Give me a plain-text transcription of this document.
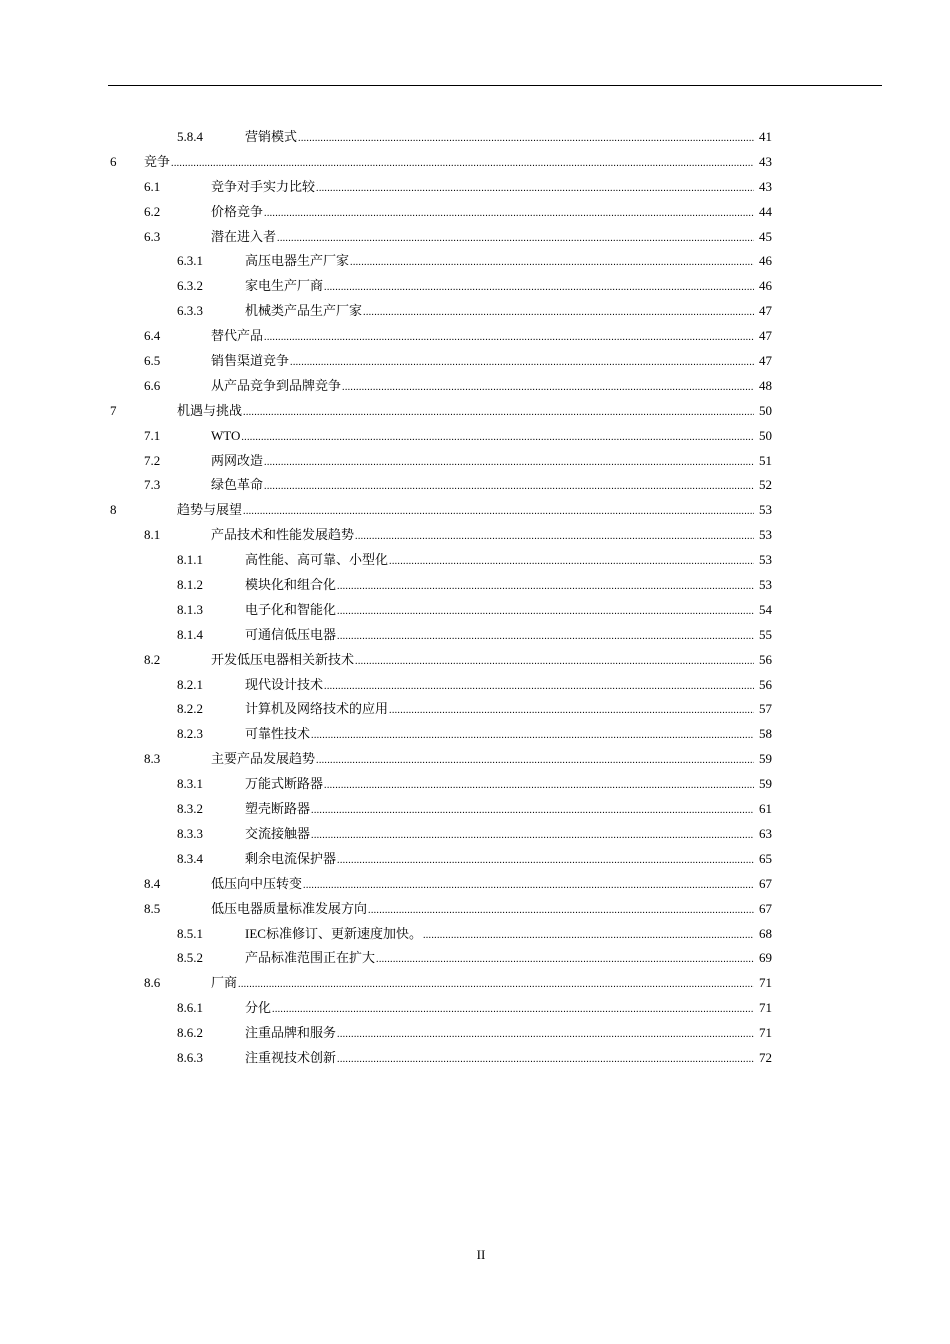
5.8.4	营销模式 .....	41
6 竞争 .....	43
6.1	竞争对手实力比较 .....	43
6.2	价格竞争 .....	44
6.3	潜在进入者 .....	45
6.3.1	高压电器生产厂家 .....	46
6.3.2	家电生产厂商 .....	46
6.3.3	机械类产品生产厂家 .....	47
6.4	替代产品 .....	47
6.5	销售渠道竞争 .....	47
6.6	从产品竞争到品牌竞争 .....	48
7	机遇与挑战 .....	50
7.1	WTO .....	50
7.2	两网改造 .....	51
7.3	绿色革命 .....	52
8	趋势与展望 .....	53
8.1	产品技术和性能发展趋势 .....	53
8.1.1	高性能、高可靠、小型化 .....	53
8.1.2	模块化和组合化 .....	53
8.1.3	电子化和智能化 .....	54
8.1.4	可通信低压电器 .....	55
8.2	开发低压电器相关新技术 .....	56
8.2.1	现代设计技术 .....	56
8.2.2	计算机及网络技术的应用 .....	57
8.2.3	可靠性技术 .....	58
8.3	主要产品发展趋势 .....	59
8.3.1	万能式断路器 .....	59
8.3.2	塑壳断路器 .....	61
8.3.3	交流接触器 .....	63
8.3.4	剩余电流保护器 .....	65
8.4	低压向中压转变 .....	67
8.5	低压电器质量标准发展方向 .....	67
8.5.1	IEC标准修订、更新速度加快。 .....	68
8.5.2	产品标准范围正在扩大 .....	69
8.6	厂商 .....	71
8.6.1	分化 .....	71
8.6.2	注重品牌和服务 .....	71
8.6.3	注重视技术创新 .....	72
II
